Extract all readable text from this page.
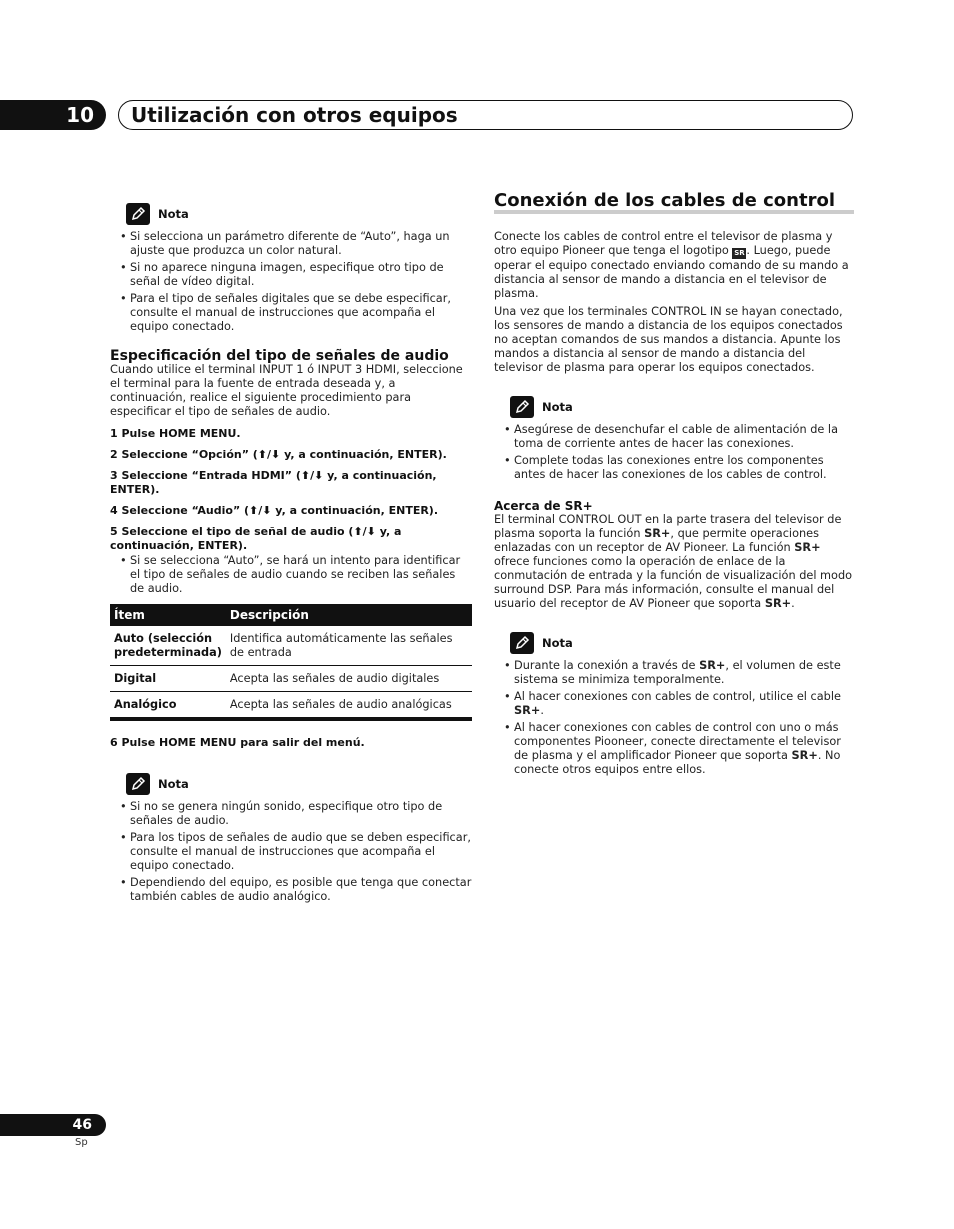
10	Utilización con otros equipos
Nota
• Si selecciona un parámetro diferente de “Auto”, haga un ajuste que produzca un color natural.
• Si no aparece ninguna imagen, especifique otro tipo de señal de vídeo digital.
• Para el tipo de señales digitales que se debe especificar, consulte el manual de instrucciones que acompaña el equipo conectado.
Especificación del tipo de señales de audio

Cuando utilice el terminal INPUT 1 ó INPUT 3 HDMI, seleccione el terminal para la fuente de entrada deseada y, a continuación, realice el siguiente procedimiento para especificar el tipo de señales de audio.

1 Pulse HOME MENU.
2 Seleccione “Opción” (⬆/⬇ y, a continuación, ENTER).
3 Seleccione “Entrada HDMI” (⬆/⬇ y, a continuación, ENTER).
4 Seleccione “Audio” (⬆/⬇ y, a continuación, ENTER).
5 Seleccione el tipo de señal de audio (⬆/⬇ y, a continuación, ENTER).
• Si se selecciona “Auto”, se hará un intento para identificar el tipo de señales de audio cuando se reciben las señales de audio.
Ítem	Descripción
Auto (selección predeterminada)	Identifica automáticamente las señales de entrada
Digital	Acepta las señales de audio digitales
Analógico	Acepta las señales de audio analógicas
6 Pulse HOME MENU para salir del menú.
Nota
• Si no se genera ningún sonido, especifique otro tipo de señales de audio.
• Para los tipos de señales de audio que se deben especificar, consulte el manual de instrucciones que acompaña el equipo conectado.
• Dependiendo del equipo, es posible que tenga que conectar también cables de audio analógico.
Conexión de los cables de control

Conecte los cables de control entre el televisor de plasma y otro equipo Pioneer que tenga el logotipo SR . Luego, puede operar el equipo conectado enviando comando de su mando a distancia al sensor de mando a distancia en el televisor de plasma.

Una vez que los terminales CONTROL IN se hayan conectado, los sensores de mando a distancia de los equipos conectados no aceptan comandos de sus mandos a distancia. Apunte los mandos a distancia al sensor de mando a distancia del televisor de plasma para operar los equipos conectados.

Nota
• Asegúrese de desenchufar el cable de alimentación de la toma de corriente antes de hacer las conexiones.
• Complete todas las conexiones entre los componentes antes de hacer las conexiones de los cables de control.
Acerca de SR+

El terminal CONTROL OUT en la parte trasera del televisor de plasma soporta la función SR+, que permite operaciones enlazadas con un receptor de AV Pioneer. La función SR+ ofrece funciones como la operación de enlace de la conmutación de entrada y la función de visualización del modo surround DSP. Para más información, consulte el manual del usuario del receptor de AV Pioneer que soporta SR+.

Nota
• Durante la conexión a través de SR+, el volumen de este sistema se minimiza temporalmente.
• Al hacer conexiones con cables de control, utilice el cable SR+.
• Al hacer conexiones con cables de control con uno o más componentes Piooneer, conecte directamente el televisor de plasma y el amplificador Pioneer que soporta SR+. No conecte otros equipos entre ellos.
46
Sp
